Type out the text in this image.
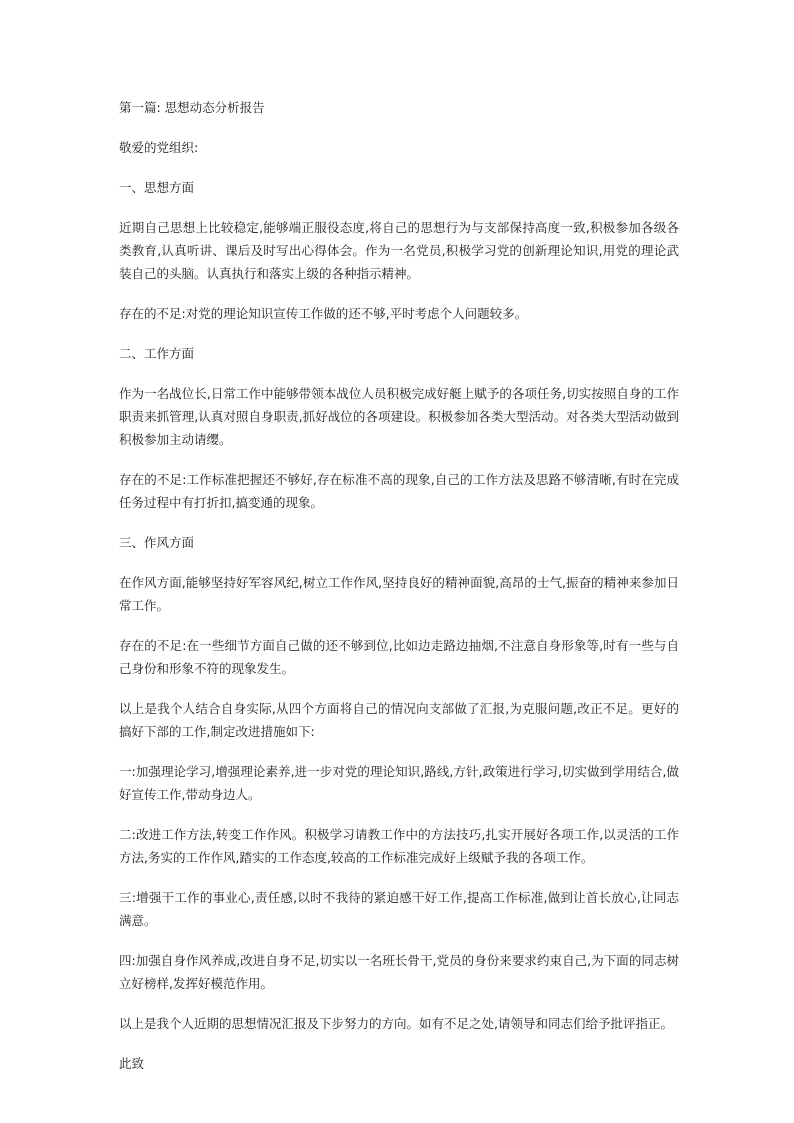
第一篇: 思想动态分析报告

敬爱的党组织:

一、思想方面

近期自己思想上比较稳定,能够端正服役态度,将自己的思想行为与支部保持高度一致,积极参加各级各类教育,认真听讲、课后及时写出心得体会。作为一名党员,积极学习党的创新理论知识,用党的理论武装自己的头脑。认真执行和落实上级的各种指示精神。

存在的不足:对党的理论知识宣传工作做的还不够,平时考虑个人问题较多。

二、工作方面

作为一名战位长,日常工作中能够带领本战位人员积极完成好艇上赋予的各项任务,切实按照自身的工作职责来抓管理,认真对照自身职责,抓好战位的各项建设。积极参加各类大型活动。对各类大型活动做到积极参加主动请缨。

存在的不足:工作标准把握还不够好,存在标准不高的现象,自己的工作方法及思路不够清晰,有时在完成任务过程中有打折扣,搞变通的现象。

三、作风方面

在作风方面,能够坚持好军容风纪,树立工作作风,坚持良好的精神面貌,高昂的士气,振奋的精神来参加日常工作。

存在的不足:在一些细节方面自己做的还不够到位,比如边走路边抽烟,不注意自身形象等,时有一些与自己身份和形象不符的现象发生。

以上是我个人结合自身实际,从四个方面将自己的情况向支部做了汇报,为克服问题,改正不足。更好的搞好下部的工作,制定改进措施如下:

一:加强理论学习,增强理论素养,进一步对党的理论知识,路线,方针,政策进行学习,切实做到学用结合,做好宣传工作,带动身边人。

二:改进工作方法,转变工作作风。积极学习请教工作中的方法技巧,扎实开展好各项工作,以灵活的工作方法,务实的工作作风,踏实的工作态度,较高的工作标准完成好上级赋予我的各项工作。

三:增强干工作的事业心,责任感,以时不我待的紧迫感干好工作,提高工作标准,做到让首长放心,让同志满意。

四:加强自身作风养成,改进自身不足,切实以一名班长骨干,党员的身份来要求约束自己,为下面的同志树立好榜样,发挥好模范作用。

以上是我个人近期的思想情况汇报及下步努力的方向。如有不足之处,请领导和同志们给予批评指正。

此致
